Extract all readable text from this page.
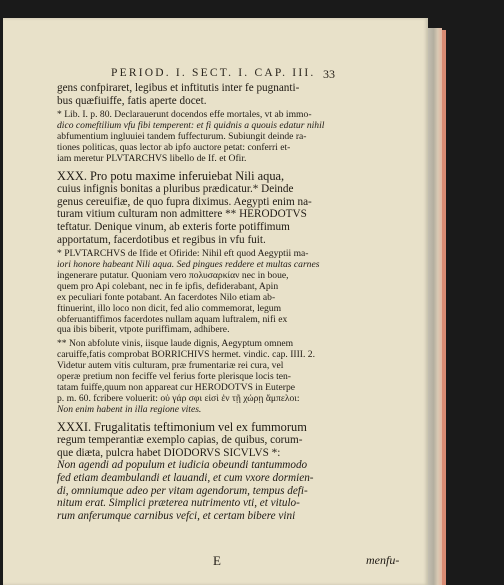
PERIOD. I. SECT. I. CAP. III. 33
gens confpiraret, legibus et inftitutis inter fe pugnanti-
bus quæfiuiffe, fatis aperte docet.
* Lib. I. p. 80. Declarauerunt docendos effe mortales, vt ab immo-
dico comeftilium vfu fibi temperent: et fi quidnis a quouis edatur nihil
abfumentium ingluuiei tandem fuffecturum. Subiungit deinde ra-
tiones politicas, quas lector ab ipfo auctore petat: conferri et-
iam meretur PLVTARCHVS libello de If. et Ofir.
XXX. Pro potu maxime inferuiebat Nili aqua,
cuius infignis bonitas a pluribus prædicatur.* Deinde
genus cereuifiæ, de quo fupra diximus. Aegypti enim na-
turam vitium culturam non admittere ** HERODOTVS
teftatur. Denique vinum, ab exteris forte potiffimum
apportatum, facerdotibus et regibus in vfu fuit.
* PLVTARCHVS de Ifide et Ofiride: Nihil eft quod Aegyptii ma-
iori honore habeant Nili aqua. Sed pingues reddere et multas carnes
ingenerare putatur. Quoniam vero πολυσαρκίαν nec in boue,
quem pro Api colebant, nec in fe ipfis, defiderabant, Apin
ex peculiari fonte potabant. An facerdotes Nilo etiam ab-
ftinuerint, illo loco non dicit, fed alio commemorat, legum
obferuantiffimos facerdotes nullam aquam luftralem, nifi ex
qua ibis biberit, vtpote puriffimam, adhibere.
** Non abfolute vinis, iisque laude dignis, Aegyptum omnem
caruiffe,fatis comprobat BORRICHIVS hermet. vindic. cap. IIII. 2.
Videtur autem vitis culturam, præ frumentariæ rei cura, vel
operæ pretium non feciffe vel ferius forte plerisque locis ten-
tatam fuiffe,quum non appareat cur HERODOTVS in Euterpe
p. m. 60. fcribere voluerit: οὐ γάρ σφι εἰσὶ ἐν τῇ χώρῃ ἄμπελοι:
Non enim habent in illa regione vites.
XXXI. Frugalitatis teftimonium vel ex fummorum
regum temperantiæ exemplo capias, de quibus, corum-
que diæta, pulcra habet DIODORVS SICVLVS *:
Non agendi ad populum et iudicia obeundi tantummodo
fed etiam deambulandi et lauandi, et cum vxore dormien-
di, omniumque adeo per vitam agendorum, tempus defi-
nitum erat. Simplici præterea nutrimento vti, et vitulo-
rum anferumque carnibus vefci, et certam bibere vini
E	menfu-
